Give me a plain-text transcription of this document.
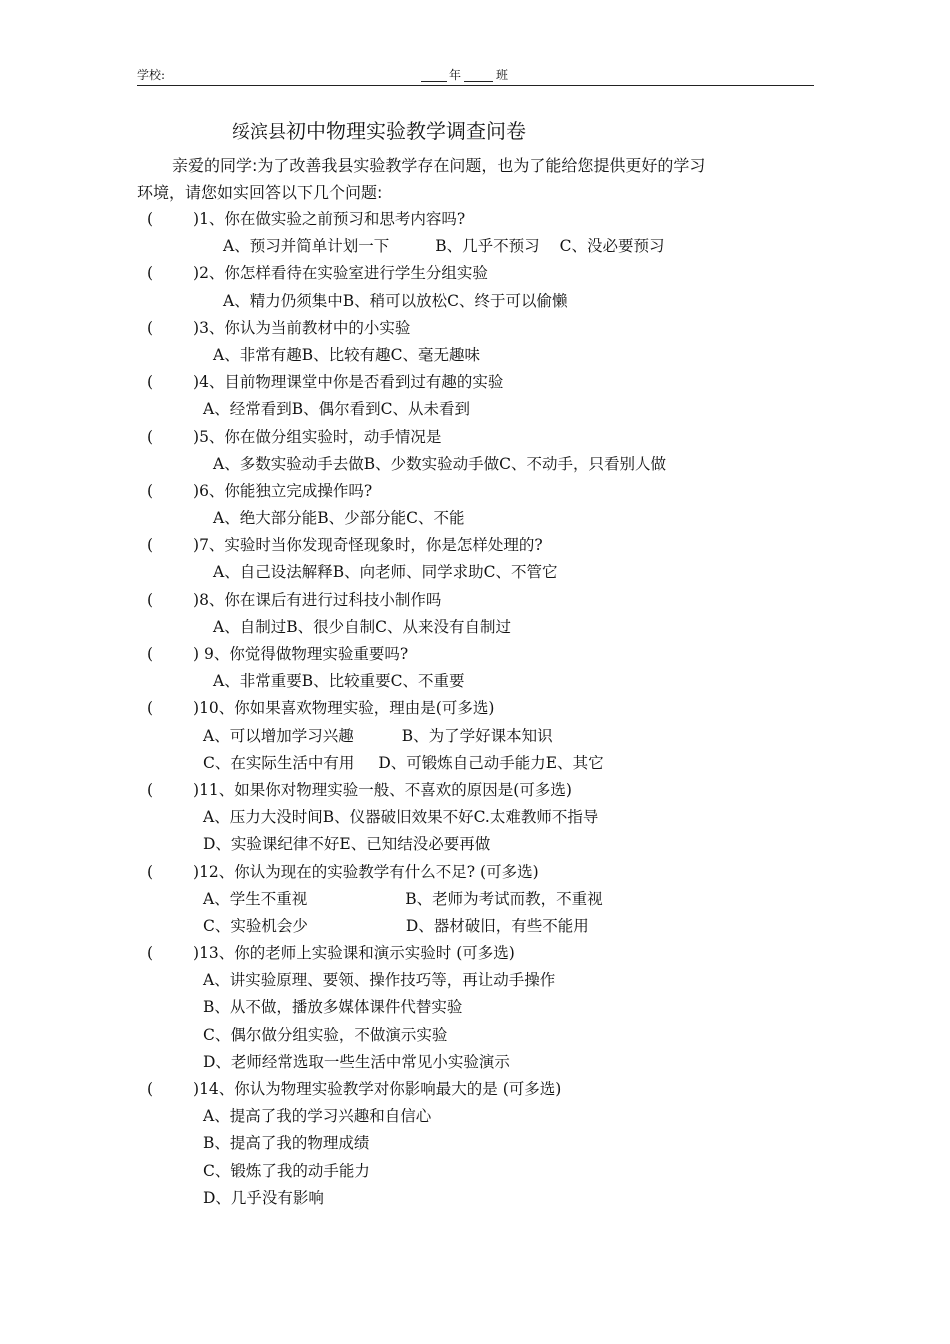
学校:	年	班
绥滨县初中物理实验教学调查问卷
亲爱的同学:为了改善我县实验教学存在问题，也为了能给您提供更好的学习
环境，请您如实回答以下几个问题:
(	)1、你在做实验之前预习和思考内容吗?
A、预习并简单计划一下	B、几乎不预习 C、没必要预习
(	)2、你怎样看待在实验室进行学生分组实验
A、精力仍须集中B、稍可以放松C、终于可以偷懒
(	)3、你认为当前教材中的小实验
A、非常有趣B、比较有趣C、毫无趣味
(	)4、目前物理课堂中你是否看到过有趣的实验
A、经常看到B、偶尔看到C、从未看到
(	)5、你在做分组实验时，动手情况是
A、多数实验动手去做B、少数实验动手做C、不动手，只看别人做
(	)6、你能独立完成操作吗?
A、绝大部分能B、少部分能C、不能
(	)7、实验时当你发现奇怪现象时，你是怎样处理的?
A、自己设法解释B、向老师、同学求助C、不管它
(	)8、你在课后有进行过科技小制作吗
A、自制过B、很少自制C、从来没有自制过
(	) 9、你觉得做物理实验重要吗?
A、非常重要B、比较重要C、不重要
(	)10、你如果喜欢物理实验，理由是(可多选)
A、可以增加学习兴趣	B、为了学好课本知识
C、在实际生活中有用 D、可锻炼自己动手能力E、其它
(	)11、如果你对物理实验一般、不喜欢的原因是(可多选)
A、压力大没时间B、仪器破旧效果不好C.太难教师不指导
D、实验课纪律不好E、已知结没必要再做
(	)12、你认为现在的实验教学有什么不足? (可多选)
A、学生不重视	B、老师为考试而教，不重视
C、实验机会少	D、器材破旧，有些不能用
(	)13、你的老师上实验课和演示实验时 (可多选)
A、讲实验原理、要领、操作技巧等，再让动手操作
B、从不做，播放多媒体课件代替实验
C、偶尔做分组实验，不做演示实验
D、老师经常选取一些生活中常见小实验演示
(	)14、你认为物理实验教学对你影响最大的是 (可多选)
A、提高了我的学习兴趣和自信心
B、提高了我的物理成绩
C、锻炼了我的动手能力
D、几乎没有影响
